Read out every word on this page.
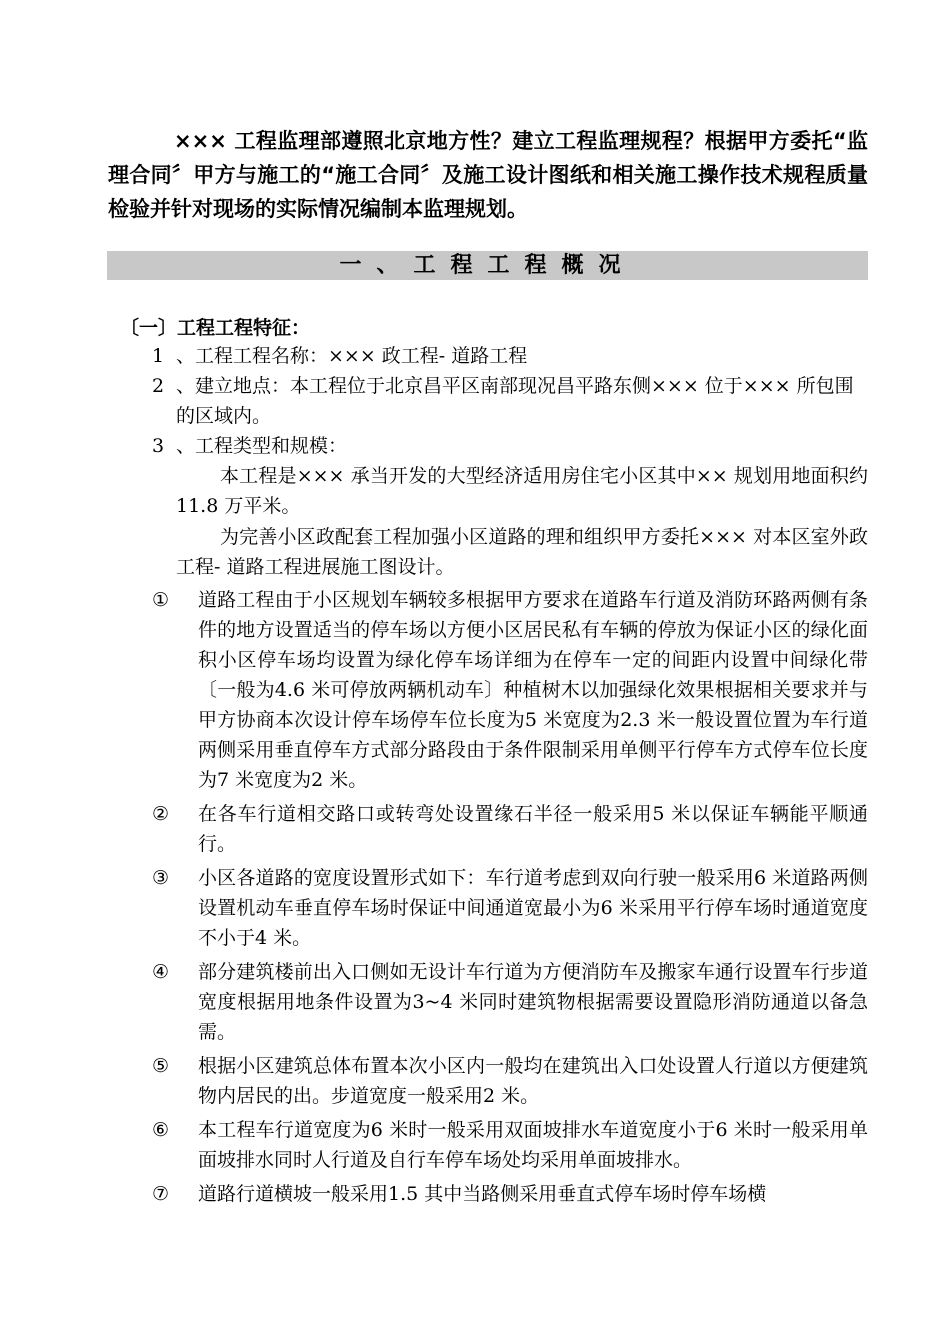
××× 工程监理部遵照北京地方性？建立工程监理规程？根据甲方委托“监理合同〞甲方与施工的“施工合同〞及施工设计图纸和相关施工操作技术规程质量检验并针对现场的实际情况编制本监理规划。

一、工程工程概况
〔一〕工程工程特征：
1 、工程工程名称：××× 政工程- 道路工程
2 、建立地点：本工程位于北京昌平区南部现况昌平路东侧××× 位于××× 所包围的区域内。
3 、工程类型和规模：

本工程是××× 承当开发的大型经济适用房住宅小区其中×× 规划用地面积约11.8 万平米。

为完善小区政配套工程加强小区道路的理和组织甲方委托××× 对本区室外政工程- 道路工程进展施工图设计。

① 道路工程由于小区规划车辆较多根据甲方要求在道路车行道及消防环路两侧有条件的地方设置适当的停车场以方便小区居民私有车辆的停放为保证小区的绿化面积小区停车场均设置为绿化停车场详细为在停车一定的间距内设置中间绿化带〔一般为4.6 米可停放两辆机动车〕种植树木以加强绿化效果根据相关要求并与甲方协商本次设计停车场停车位长度为5 米宽度为2.3 米一般设置位置为车行道两侧采用垂直停车方式部分路段由于条件限制采用单侧平行停车方式停车位长度为7 米宽度为2 米。
② 在各车行道相交路口或转弯处设置缘石半径一般采用5 米以保证车辆能平顺通行。
③ 小区各道路的宽度设置形式如下：车行道考虑到双向行驶一般采用6 米道路两侧设置机动车垂直停车场时保证中间通道宽最小为6 米采用平行停车场时通道宽度不小于4 米。
④ 部分建筑楼前出入口侧如无设计车行道为方便消防车及搬家车通行设置车行步道宽度根据用地条件设置为3~4 米同时建筑物根据需要设置隐形消防通道以备急需。
⑤ 根据小区建筑总体布置本次小区内一般均在建筑出入口处设置人行道以方便建筑物内居民的出。步道宽度一般采用2 米。
⑥ 本工程车行道宽度为6 米时一般采用双面坡排水车道宽度小于6 米时一般采用单面坡排水同时人行道及自行车停车场处均采用单面坡排水。
⑦ 道路行道横坡一般采用1.5 其中当路侧采用垂直式停车场时停车场横
